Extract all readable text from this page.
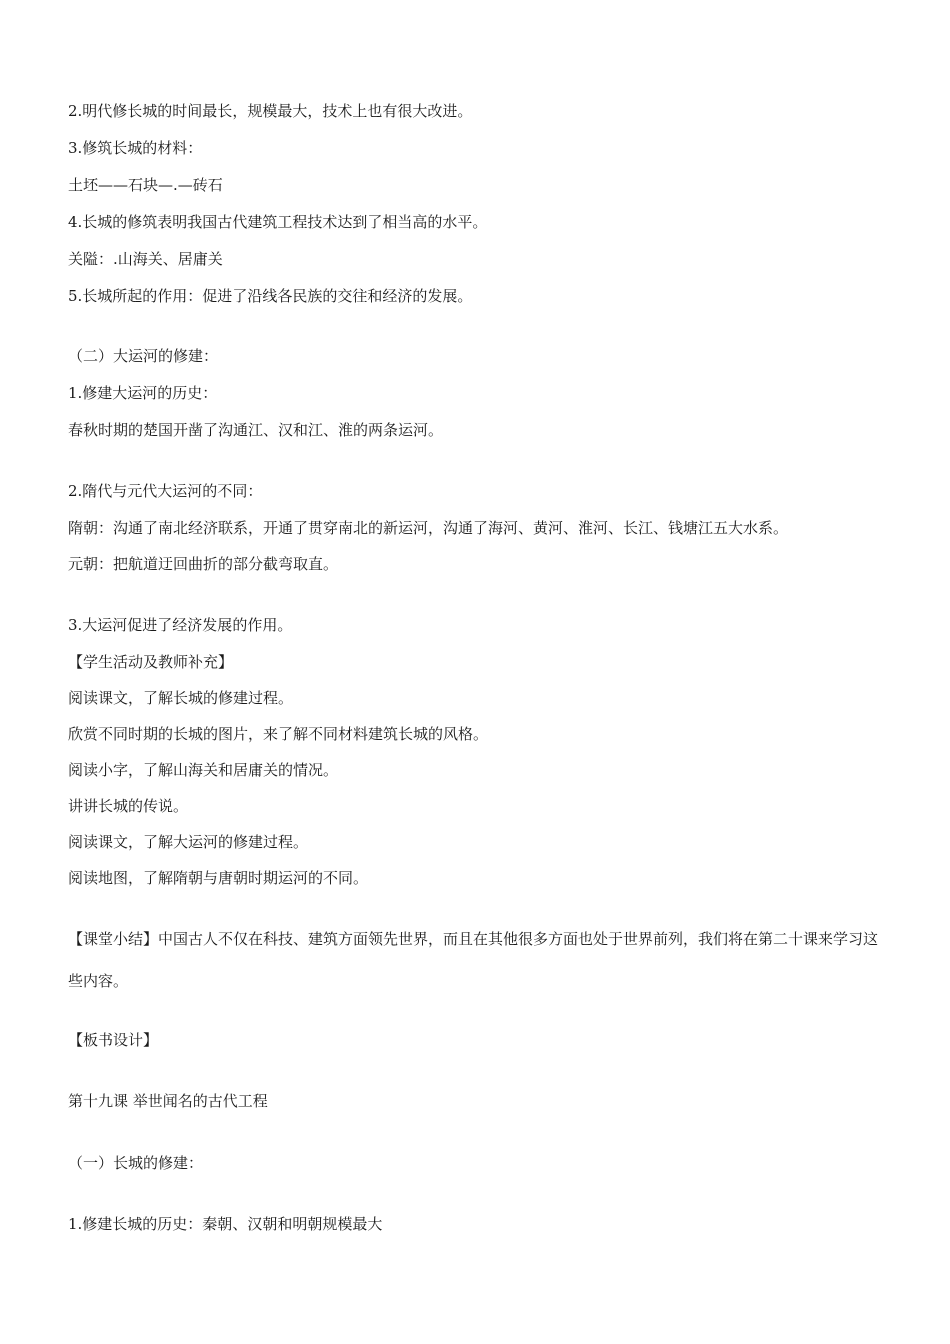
2.明代修长城的时间最长，规模最大，技术上也有很大改进。
3.修筑长城的材料：
土坯——石块—.—砖石
4.长城的修筑表明我国古代建筑工程技术达到了相当高的水平。
关隘：.山海关、居庸关
5.长城所起的作用：促进了沿线各民族的交往和经济的发展。
（二）大运河的修建：
1.修建大运河的历史：
春秋时期的楚国开凿了沟通江、汉和江、淮的两条运河。
2.隋代与元代大运河的不同：
隋朝：沟通了南北经济联系，开通了贯穿南北的新运河，沟通了海河、黄河、淮河、长江、钱塘江五大水系。
元朝：把航道迂回曲折的部分截弯取直。
3.大运河促进了经济发展的作用。
【学生活动及教师补充】
阅读课文，了解长城的修建过程。
欣赏不同时期的长城的图片，来了解不同材料建筑长城的风格。
阅读小字，了解山海关和居庸关的情况。
讲讲长城的传说。
阅读课文，了解大运河的修建过程。
阅读地图，了解隋朝与唐朝时期运河的不同。
【课堂小结】中国古人不仅在科技、建筑方面领先世界，而且在其他很多方面也处于世界前列，我们将在第二十课来学习这些内容。
【板书设计】
第十九课 举世闻名的古代工程
（一）长城的修建：
1.修建长城的历史：秦朝、汉朝和明朝规模最大
